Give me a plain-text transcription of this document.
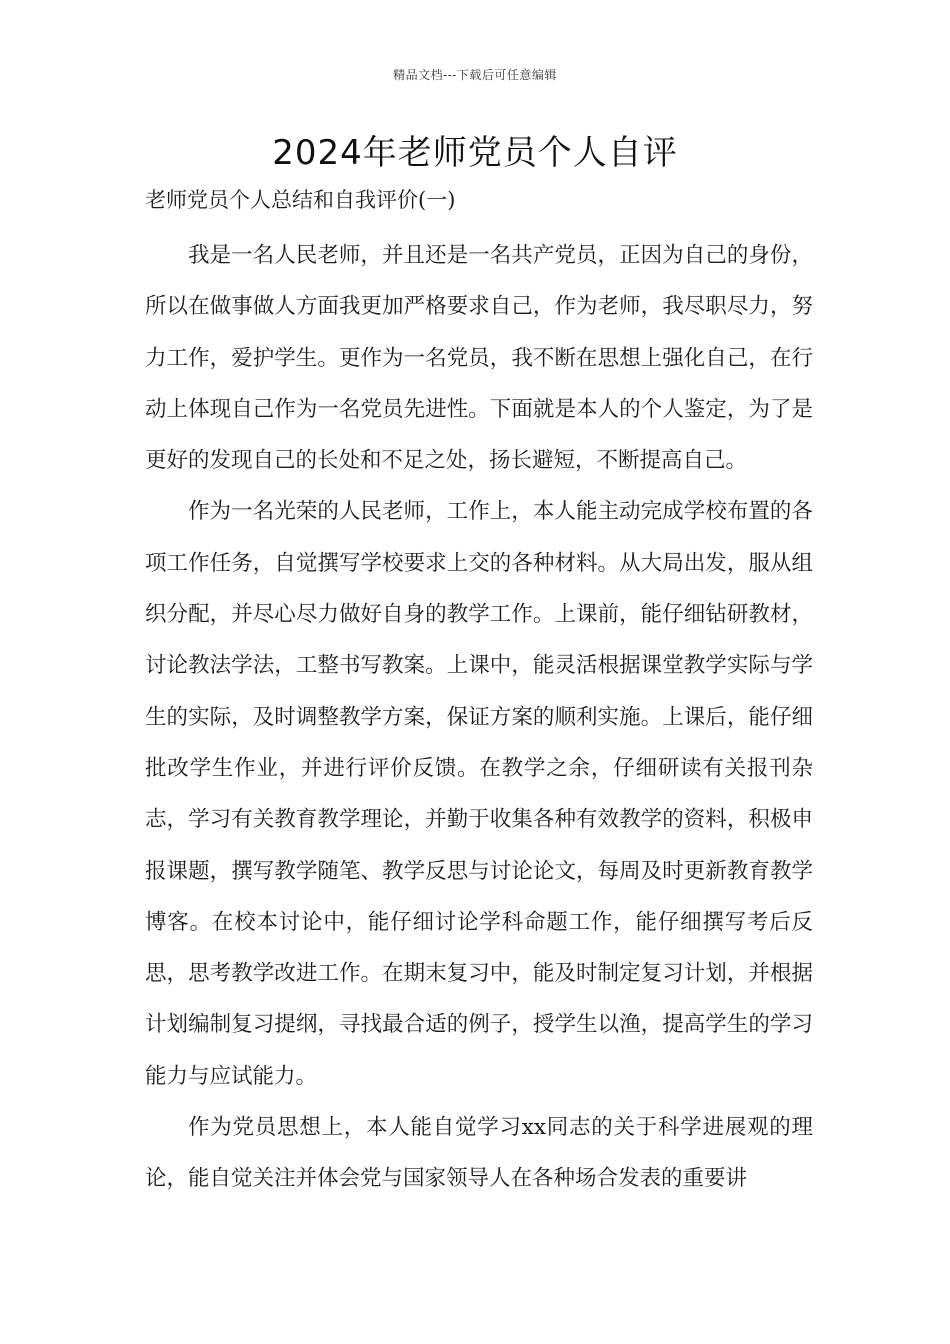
精品文档---下载后可任意编辑
2024年老师党员个人自评
老师党员个人总结和自我评价(一)

我是一名人民老师，并且还是一名共产党员，正因为自己的身份，所以在做事做人方面我更加严格要求自己，作为老师，我尽职尽力，努力工作，爱护学生。更作为一名党员，我不断在思想上强化自己，在行动上体现自己作为一名党员先进性。下面就是本人的个人鉴定，为了是更好的发现自己的长处和不足之处，扬长避短，不断提高自己。

作为一名光荣的人民老师，工作上，本人能主动完成学校布置的各项工作任务，自觉撰写学校要求上交的各种材料。从大局出发，服从组织分配，并尽心尽力做好自身的教学工作。上课前，能仔细钻研教材，讨论教法学法，工整书写教案。上课中，能灵活根据课堂教学实际与学生的实际，及时调整教学方案，保证方案的顺利实施。上课后，能仔细批改学生作业，并进行评价反馈。在教学之余，仔细研读有关报刊杂志，学习有关教育教学理论，并勤于收集各种有效教学的资料，积极申报课题，撰写教学随笔、教学反思与讨论论文，每周及时更新教育教学博客。在校本讨论中，能仔细讨论学科命题工作，能仔细撰写考后反思，思考教学改进工作。在期末复习中，能及时制定复习计划，并根据计划编制复习提纲，寻找最合适的例子，授学生以渔，提高学生的学习能力与应试能力。

作为党员思想上，本人能自觉学习xx同志的关于科学进展观的理论，能自觉关注并体会党与国家领导人在各种场合发表的重要讲
